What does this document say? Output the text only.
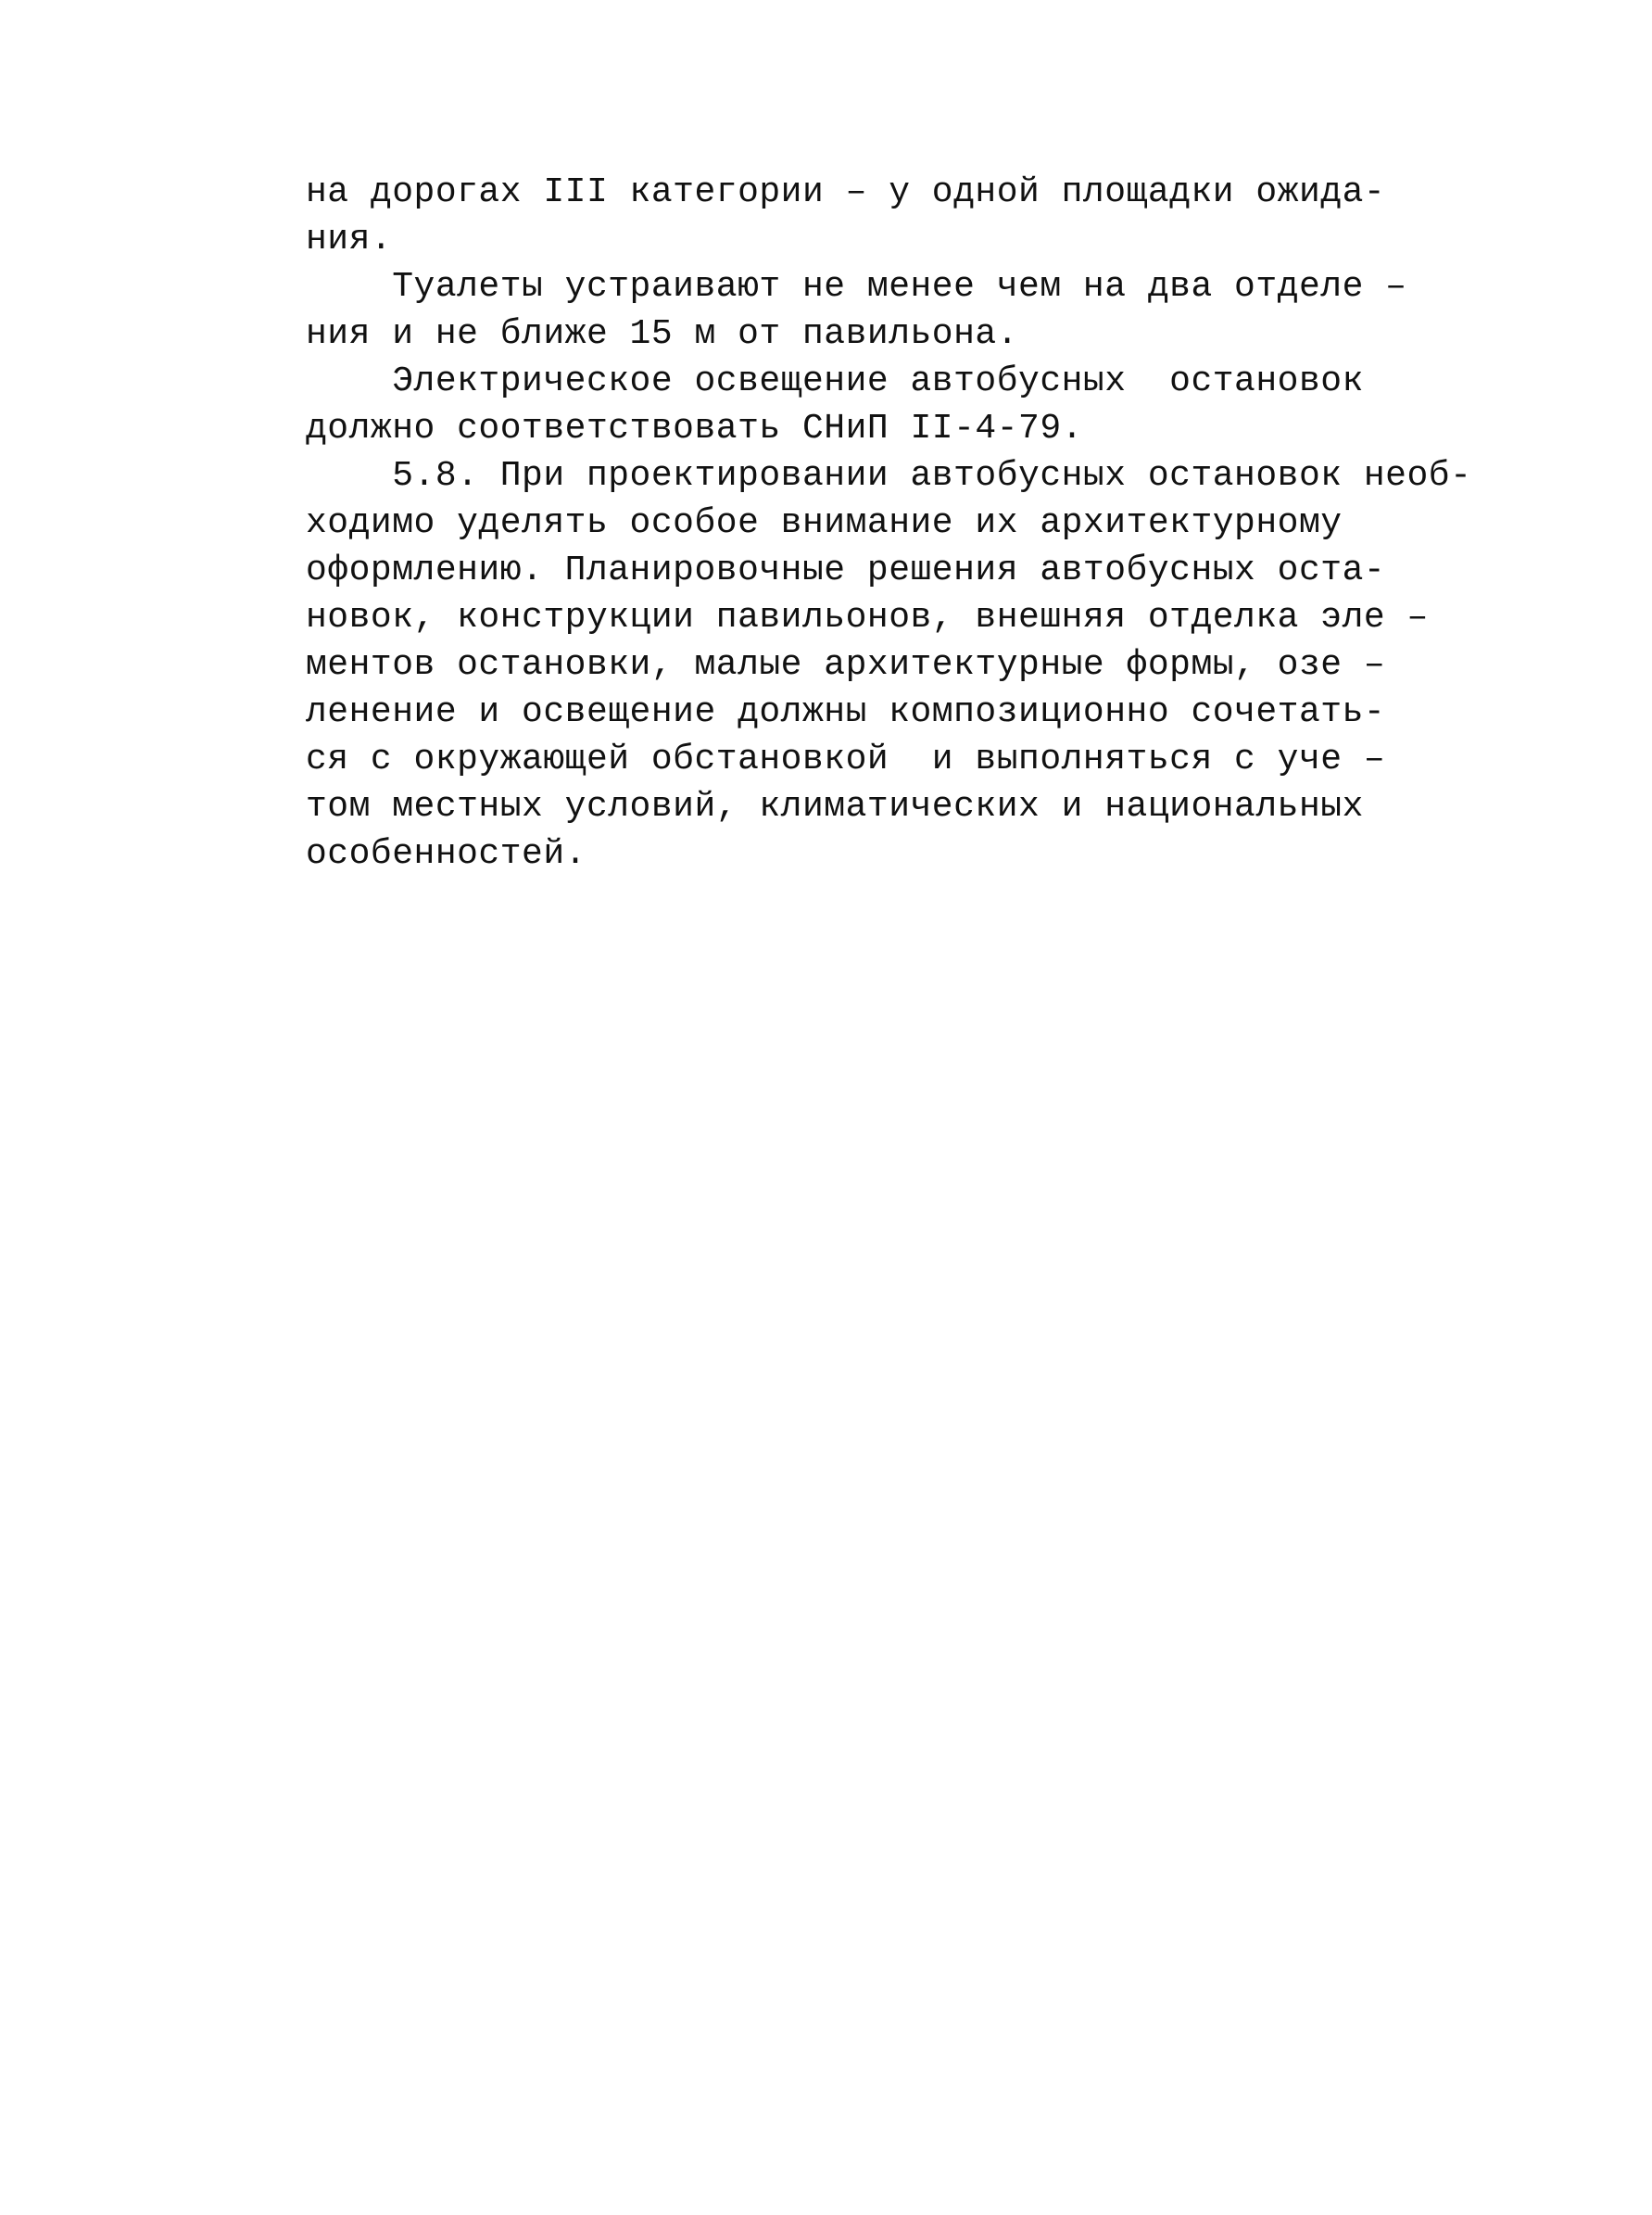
на дорогах III категории – у одной площадки ожида-
ния.
Туалеты устраивают не менее чем на два отделе –
ния и не ближе 15 м от павильона.
Электрическое освещение автобусных  остановок
должно соответствовать СНиП II-4-79.
5.8. При проектировании автобусных остановок необ-
ходимо уделять особое внимание их архитектурному
оформлению. Планировочные решения автобусных оста-
новок, конструкции павильонов, внешняя отделка эле –
ментов остановки, малые архитектурные формы, озе –
ленение и освещение должны композиционно сочетать-
ся с окружающей обстановкой  и выполняться с уче –
том местных условий, климатических и национальных
особенностей.
